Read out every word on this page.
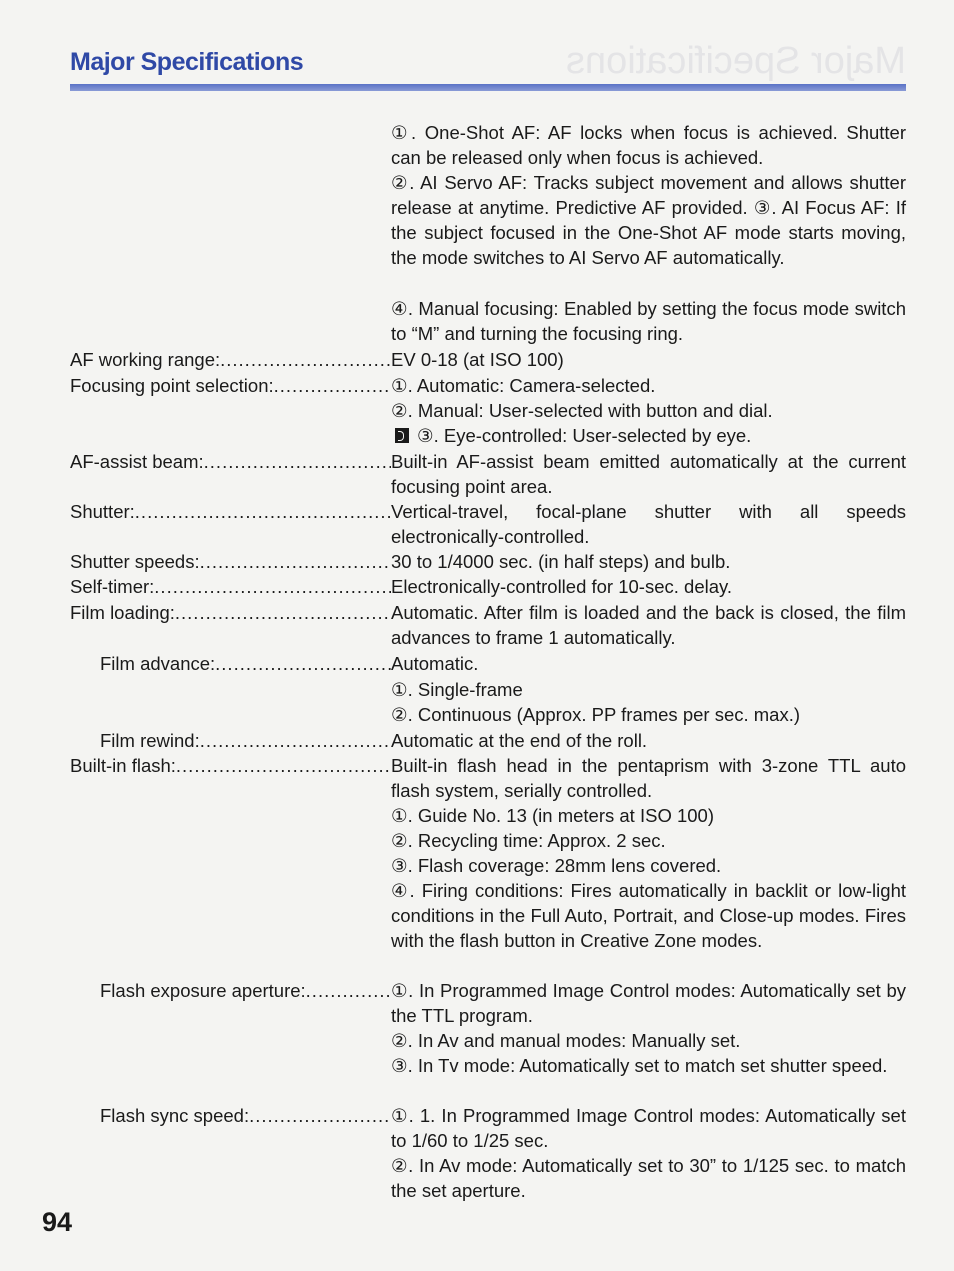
Major Specifications
Major Specifications
①. One-Shot AF: AF locks when focus is achieved. Shutter can be released only when focus is achieved.
②. AI Servo AF: Tracks subject movement and allows shutter release at anytime. Predictive AF provided. ③. AI Focus AF: If the subject focused in the One-Shot AF mode starts moving, the mode switches to AI Servo AF automatically.
④. Manual focusing: Enabled by setting the focus mode switch to “M” and turning the focusing ring.
AF working range: .....	EV 0-18 (at ISO 100)
Focusing point selection: .....	①. Automatic: Camera-selected.
②. Manual: User-selected with button and dial.
③. Eye-controlled: User-selected by eye.
AF-assist beam: .....	Built-in AF-assist beam emitted automatically at the current focusing point area.
Shutter: .....	Vertical-travel, focal-plane shutter with all speeds electronically-controlled.
Shutter speeds: .....	30 to 1/4000 sec. (in half steps) and bulb.
Self-timer: .....	Electronically-controlled for 10-sec. delay.
Film loading: .....	Automatic. After film is loaded and the back is closed, the film advances to frame 1 automatically.
Film advance: .....	Automatic.
①. Single-frame
②. Continuous (Approx. PP frames per sec. max.)
Film rewind: .....	Automatic at the end of the roll.
Built-in flash: .....	Built-in flash head in the pentaprism with 3-zone TTL auto flash system, serially controlled.
①. Guide No. 13 (in meters at ISO 100)
②. Recycling time: Approx. 2 sec.
③. Flash coverage: 28mm lens covered.
④. Firing conditions: Fires automatically in backlit or low-light conditions in the Full Auto, Portrait, and Close-up modes. Fires with the flash button in Creative Zone modes.
Flash exposure aperture: .....	①. In Programmed Image Control modes: Automatically set by the TTL program.
②. In Av and manual modes: Manually set.
③. In Tv mode: Automatically set to match set shutter speed.
Flash sync speed: .....	①. 1. In Programmed Image Control modes: Automatically set to 1/60 to 1/25 sec.
②. In Av mode: Automatically set to 30” to 1/125 sec. to match the set aperture.
94
